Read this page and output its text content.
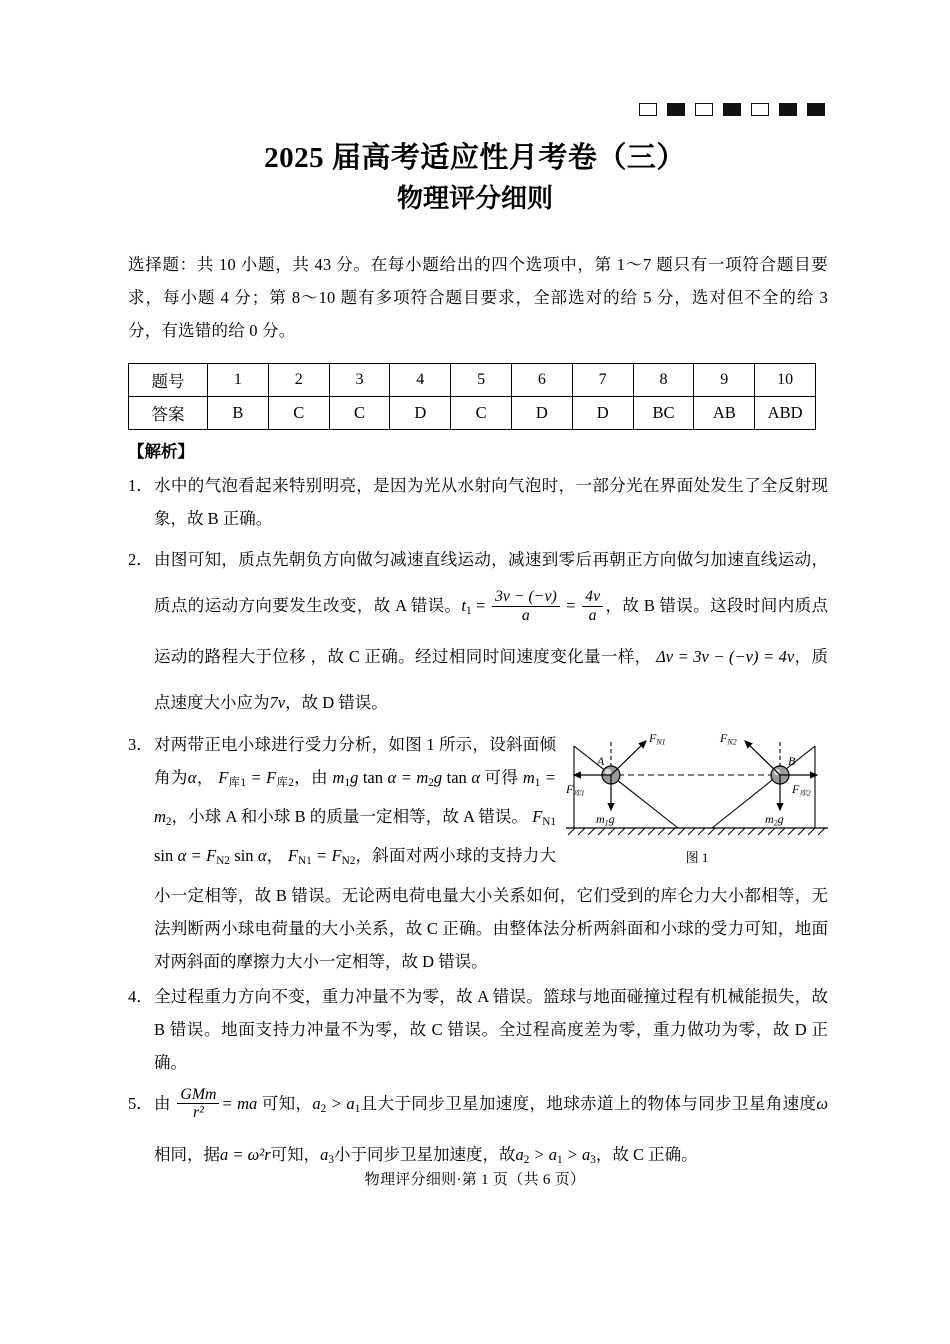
2025 届高考适应性月考卷（三）
物理评分细则
选择题：共 10 小题，共 43 分。在每小题给出的四个选项中，第 1～7 题只有一项符合题目要求，每小题 4 分；第 8～10 题有多项符合题目要求，全部选对的给 5 分，选对但不全的给 3 分，有选错的给 0 分。
题号	1	2	3	4	5	6	7	8	9	10
答案	B	C	C	D	C	D	D	BC	AB	ABD
【解析】
1． 水中的气泡看起来特别明亮，是因为光从水射向气泡时，一部分光在界面处发生了全反射现象，故 B 正确。
2． 由图可知，质点先朝负方向做匀减速直线运动，减速到零后再朝正方向做匀加速直线运动，质点的运动方向要发生改变，故 A 错误。$t_1 = \frac{3v - (-v)}{a} = \frac{4v}{a}$ ，故 B 错误。这段时间内质点运动的路程大于位移 ，故 C 正确。经过相同时间速度变化量一样， Δv = 3v − (−v) = 4v，质点速度大小应为7v，故 D 错误。
3．
A	B
$F_{N1}$	$F_{N2}$
$F_{库1}$	$F_{库2}$
$m_1g$	$m_2g$
图 1
对两带正电小球进行受力分析，如图 1 所示，设斜面倾角为α， $F_{库1} = F_{库2}$，由 $m_1g$ $\tan \alpha = m_2g$ tan α 可得 $m_1 = m_2$，小球 A 和小球 B 的质量一定相等，故 A 错误。 $F_{N1}$ $\sin \alpha = F_{N2}$ sin α， $F_{N1} = F_{N2}$，斜面对两小球的支持力大小一定相等，故 B 错误。无论两电荷电量大小关系如何，它们受到的库仑力大小都相等，无法判断两小球电荷量的大小关系，故 C 正确。由整体法分析两斜面和小球的受力可知，地面对两斜面的摩擦力大小一定相等，故 D 错误。
4． 全过程重力方向不变，重力冲量不为零，故 A 错误。篮球与地面碰撞过程有机械能损失，故 B 错误。地面支持力冲量不为零，故 C 错误。全过程高度差为零，重力做功为零，故 D 正确。
5． 由 $\frac{\text{GMm}}{\text{r²}}$ = ma 可知，$a_2 > a_1$且大于同步卫星加速度，地球赤道上的物体与同步卫星角速度ω相同，据a = ω²r可知，$a_3$小于同步卫星加速度，故$a_2 > a_1 > a_3$，故 C 正确。
物理评分细则·第 1 页（共 6 页）
